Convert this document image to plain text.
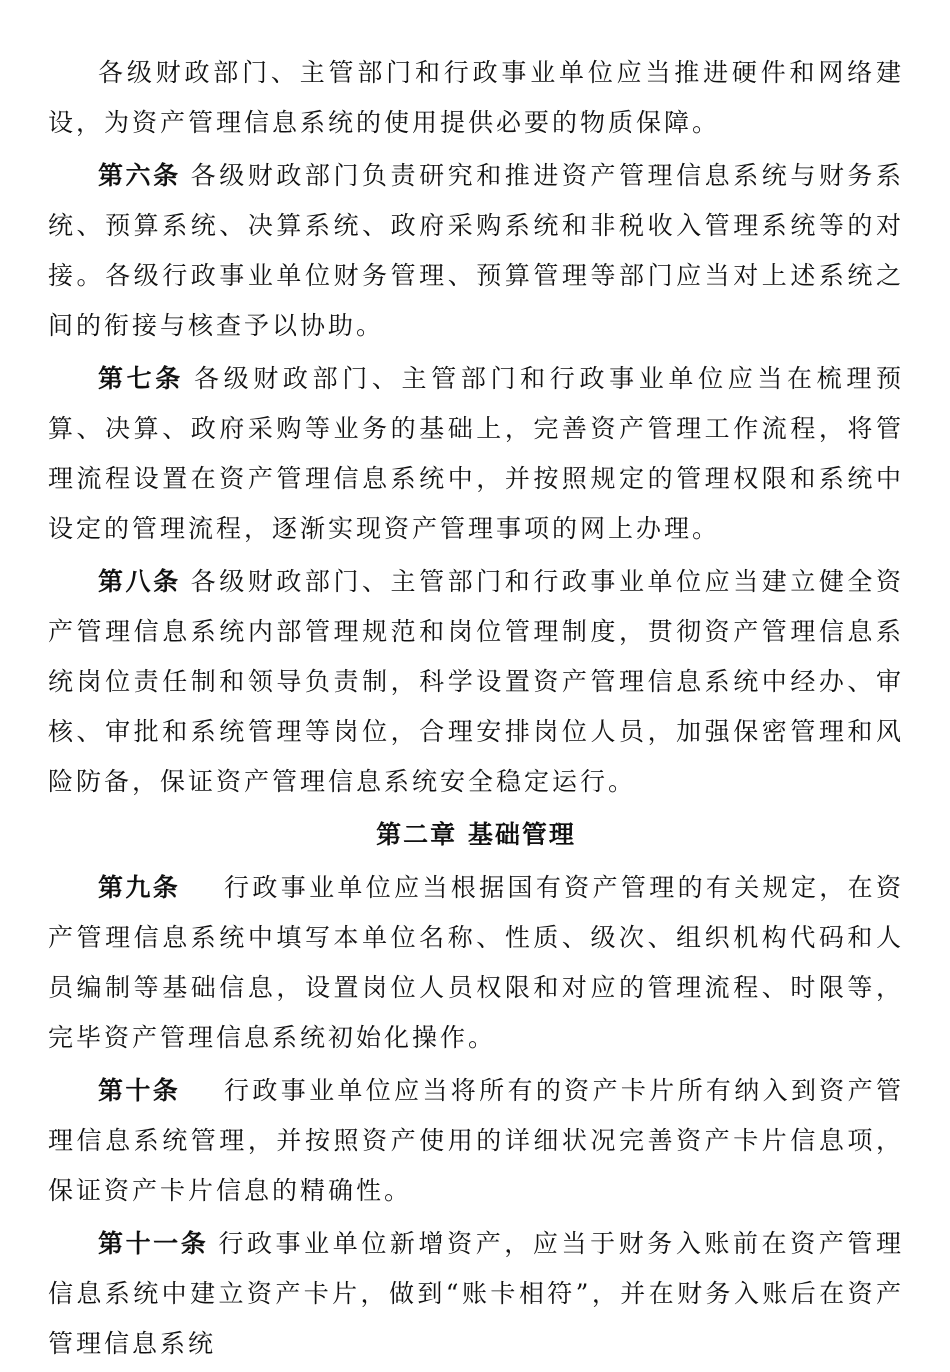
各级财政部门、主管部门和行政事业单位应当推进硬件和网络建设，为资产管理信息系统的使用提供必要的物质保障。

第六条 各级财政部门负责研究和推进资产管理信息系统与财务系统、预算系统、决算系统、政府采购系统和非税收入管理系统等的对接。各级行政事业单位财务管理、预算管理等部门应当对上述系统之间的衔接与核查予以协助。

第七条 各级财政部门、主管部门和行政事业单位应当在梳理预算、决算、政府采购等业务的基础上，完善资产管理工作流程，将管理流程设置在资产管理信息系统中，并按照规定的管理权限和系统中设定的管理流程，逐渐实现资产管理事项的网上办理。

第八条 各级财政部门、主管部门和行政事业单位应当建立健全资产管理信息系统内部管理规范和岗位管理制度，贯彻资产管理信息系统岗位责任制和领导负责制，科学设置资产管理信息系统中经办、审核、审批和系统管理等岗位，合理安排岗位人员，加强保密管理和风险防备，保证资产管理信息系统安全稳定运行。

第二章 基础管理

第九条 行政事业单位应当根据国有资产管理的有关规定，在资产管理信息系统中填写本单位名称、性质、级次、组织机构代码和人员编制等基础信息，设置岗位人员权限和对应的管理流程、时限等，完毕资产管理信息系统初始化操作。

第十条 行政事业单位应当将所有的资产卡片所有纳入到资产管理信息系统管理，并按照资产使用的详细状况完善资产卡片信息项，保证资产卡片信息的精确性。

第十一条 行政事业单位新增资产，应当于财务入账前在资产管理信息系统中建立资产卡片，做到“账卡相符”，并在财务入账后在资产管理信息系统
